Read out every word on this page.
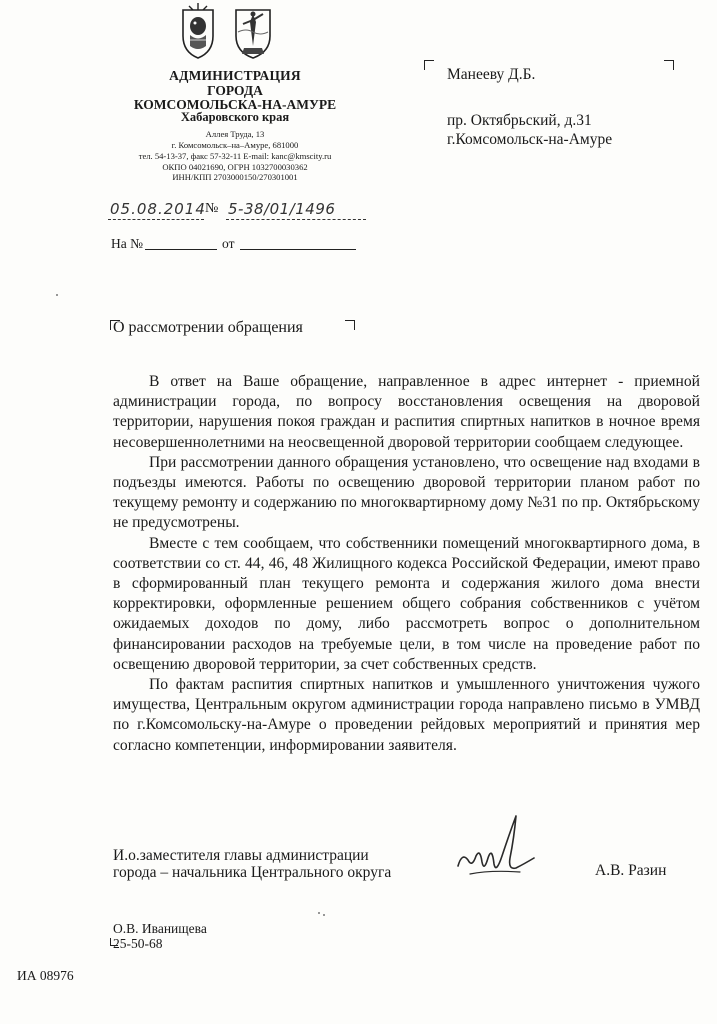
АДМИНИСТРАЦИЯ
ГОРОДА
КОМСОМОЛЬСКА-НА-АМУРЕ
Хабаровского края
Аллея Труда, 13
г. Комсомольск–на–Амуре, 681000
тел. 54-13-37, факс 57-32-11 E-mail: kanc@kmscity.ru
ОКПО 04021690, ОГРН 1032700030362
ИНН/КПП 2703000150/270301001
05.08.2014 № 5-38/01/1496
На №	от
Манееву Д.Б.
пр. Октябрьский, д.31
г.Комсомольск-на-Амуре
О рассмотрении обращения

В ответ на Ваше обращение, направленное в адрес интернет - приемной администрации города, по вопросу восстановления освещения на дворовой территории, нарушения покоя граждан и распития спиртных напитков в ночное время несовершеннолетними на неосвещенной дворовой территории сообщаем следующее.

При рассмотрении данного обращения установлено, что освещение над входами в подъезды имеются. Работы по освещению дворовой территории планом работ по текущему ремонту и содержанию по многоквартирному дому №31 по пр. Октябрьскому не предусмотрены.

Вместе с тем сообщаем, что собственники помещений многоквартирного дома, в соответствии со ст. 44, 46, 48 Жилищного кодекса Российской Федерации, имеют право в сформированный план текущего ремонта и содержания жилого дома внести корректировки, оформленные решением общего собрания собственников с учётом ожидаемых доходов по дому, либо рассмотреть вопрос о дополнительном финансировании расходов на требуемые цели, в том числе на проведение работ по освещению дворовой территории, за счет собственных средств.

По фактам распития спиртных напитков и умышленного уничтожения чужого имущества, Центральным округом администрации города направлено письмо в УМВД по г.Комсомольску-на-Амуре о проведении рейдовых мероприятий и принятия мер согласно компетенции, информировании заявителя.

И.о.заместителя главы администрации
города – начальника Центрального округа	А.В. Разин
О.В. Иванищева
25-50-68
ИА 08976
